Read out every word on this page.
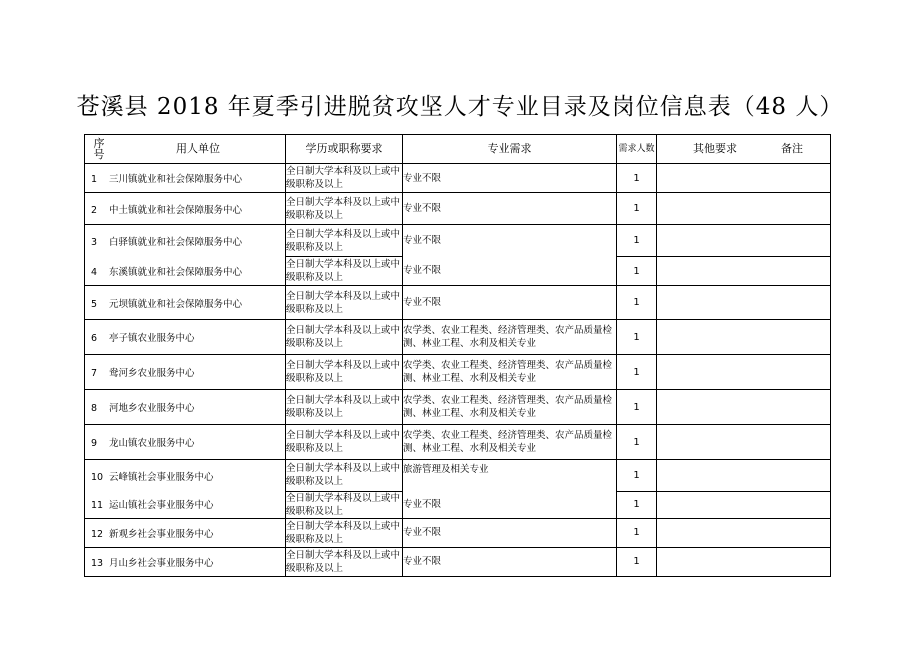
苍溪县 2018 年夏季引进脱贫攻坚人才专业目录及岗位信息表（48 人）
序号 用人单位	学历或职称要求	专业需求	需求人数	其他要求 备注
1 三川镇就业和社会保障服务中心	全日制大学本科及以上或中级职称及以上	专业不限	1	
2 中土镇就业和社会保障服务中心	全日制大学本科及以上或中级职称及以上	专业不限	1	
3 白驿镇就业和社会保障服务中心	全日制大学本科及以上或中级职称及以上	专业不限	1	
4 东溪镇就业和社会保障服务中心	全日制大学本科及以上或中级职称及以上	专业不限	1	
5 元坝镇就业和社会保障服务中心	全日制大学本科及以上或中级职称及以上	专业不限	1	
6 亭子镇农业服务中心	全日制大学本科及以上或中级职称及以上	农学类、农业工程类、经济管理类、农产品质量检测、林业工程、水利及相关专业	1	
7 鸯河乡农业服务中心	全日制大学本科及以上或中级职称及以上	农学类、农业工程类、经济管理类、农产品质量检测、林业工程、水利及相关专业	1	
8 河地乡农业服务中心	全日制大学本科及以上或中级职称及以上	农学类、农业工程类、经济管理类、农产品质量检测、林业工程、水利及相关专业	1	
9 龙山镇农业服务中心	全日制大学本科及以上或中级职称及以上	农学类、农业工程类、经济管理类、农产品质量检测、林业工程、水利及相关专业	1	
10 云峰镇社会事业服务中心	全日制大学本科及以上或中级职称及以上	旅游管理及相关专业	1	
11 运山镇社会事业服务中心	全日制大学本科及以上或中级职称及以上	专业不限	1	
12 新观乡社会事业服务中心	全日制大学本科及以上或中级职称及以上	专业不限	1	
13 月山乡社会事业服务中心	全日制大学本科及以上或中级职称及以上	专业不限	1	
